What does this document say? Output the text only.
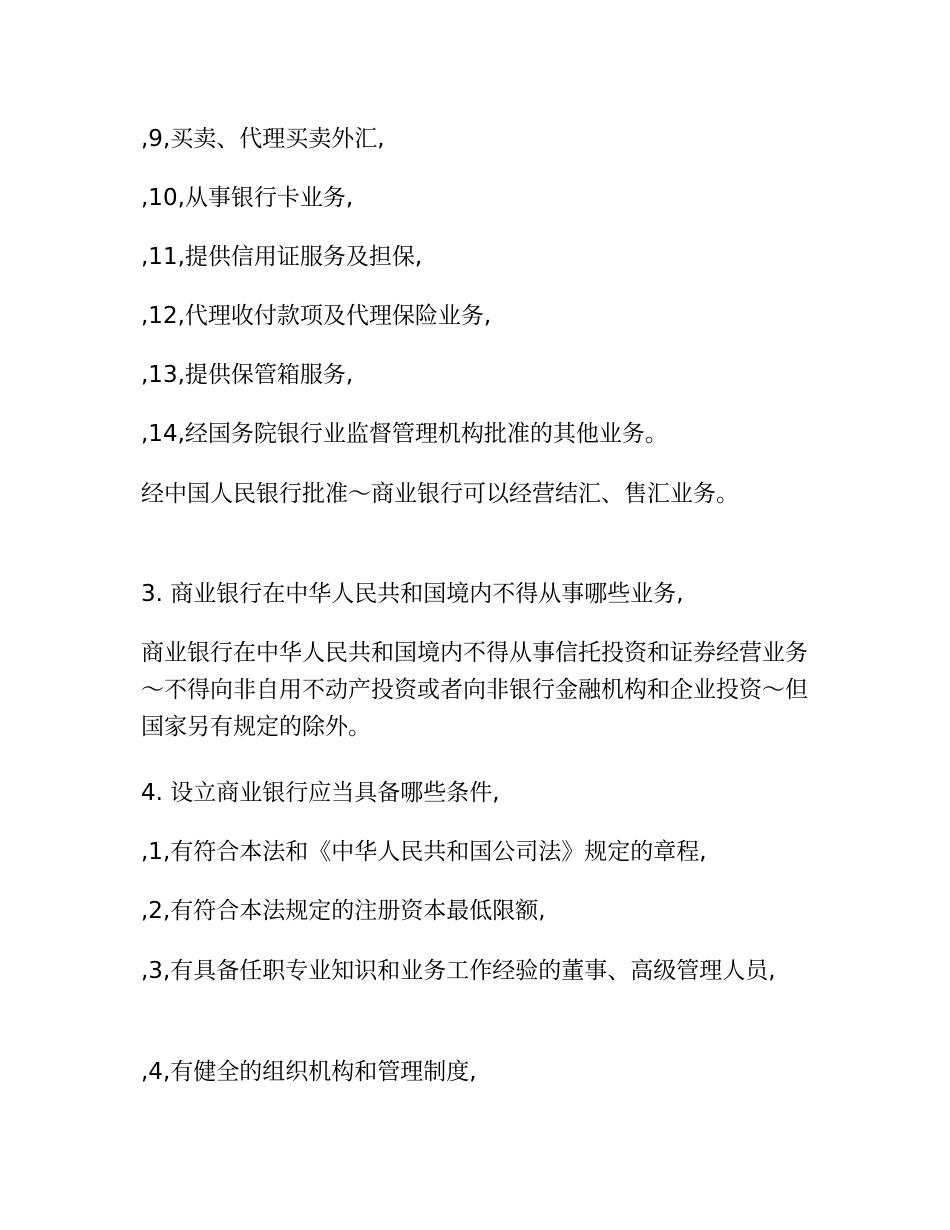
,9,买卖、代理买卖外汇,

,10,从事银行卡业务,

,11,提供信用证服务及担保,

,12,代理收付款项及代理保险业务,

,13,提供保管箱服务,

,14,经国务院银行业监督管理机构批准的其他业务。

经中国人民银行批准～商业银行可以经营结汇、售汇业务。

3. 商业银行在中华人民共和国境内不得从事哪些业务,

商业银行在中华人民共和国境内不得从事信托投资和证券经营业务～不得向非自用不动产投资或者向非银行金融机构和企业投资～但国家另有规定的除外。

4. 设立商业银行应当具备哪些条件,

,1,有符合本法和《中华人民共和国公司法》规定的章程,

,2,有符合本法规定的注册资本最低限额,

,3,有具备任职专业知识和业务工作经验的董事、高级管理人员,

,4,有健全的组织机构和管理制度,
